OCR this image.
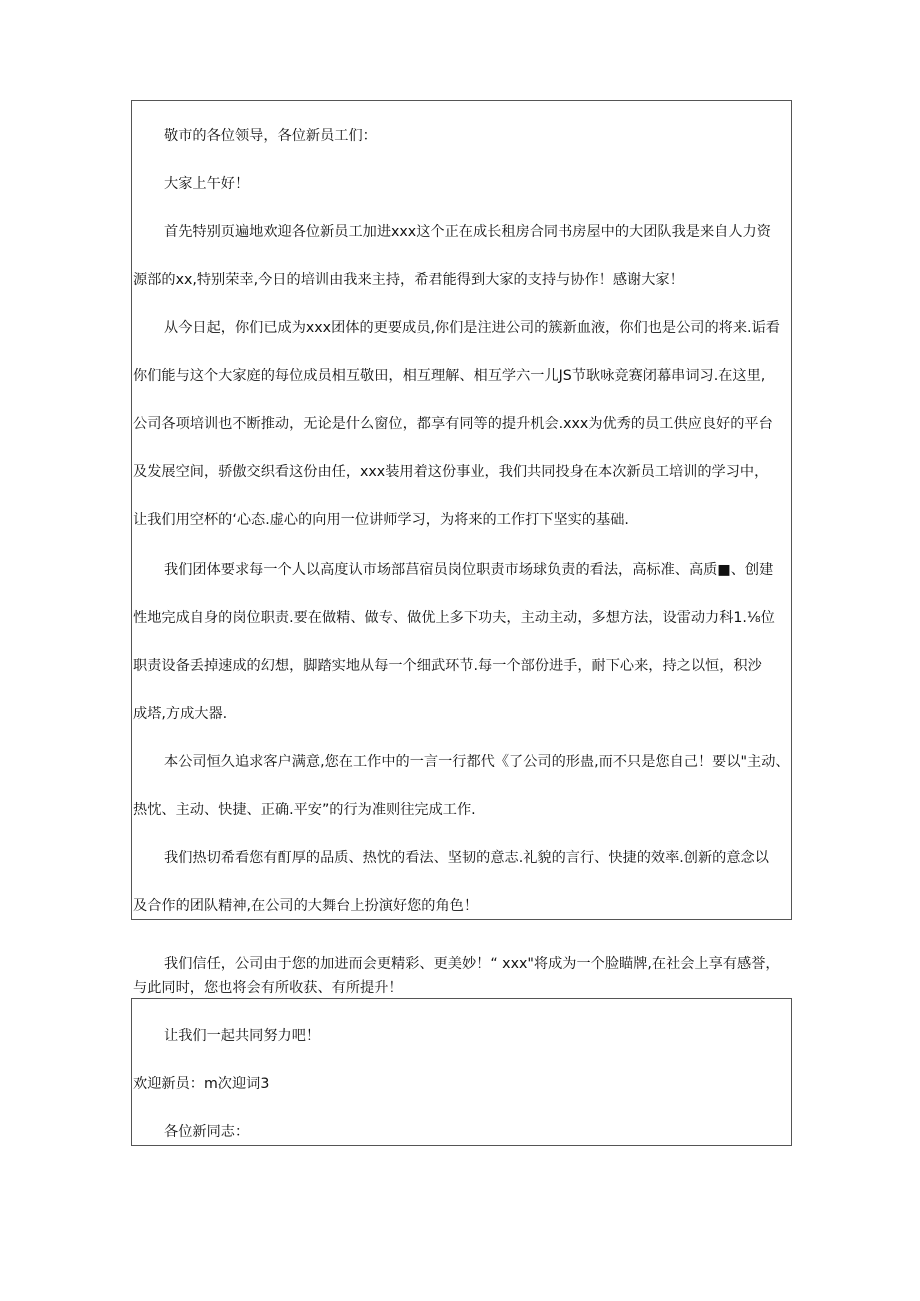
敬市的各位领导，各位新员工们：
大家上午好！
首先特别页遍地欢迎各位新员工加进xxx这个正在成长租房合同书房屋中的大团队我是来自人力资
源部的xx,特别荣幸,今日的培训由我来主持，希君能得到大家的支持与协作！感谢大家！
从今日起，你们已成为xxx团体的更要成员,你们是注进公司的簇新血液，你们也是公司的将来.诟看
你们能与这个大家庭的每位成员相互敬田，相互理解、相互学六一儿JS节耿咏竞赛闭幕串词习.在这里,
公司各项培训也不断推动，无论是什么窗位，都享有同等的提升机会.xxx为优秀的员工供应良好的平台
及发展空间，骄傲交织看这份由任，xxx装用着这份事业，我们共同投身在本次新员工培训的学习中，
让我们用空杯的‘心态.虚心的向用一位讲师学习，为将来的工作打下坚实的基础.
我们团体要求每一个人以高度认市场部莒宿员岗位职责市场球负责的看法，高标准、高质■、创建
性地完成自身的岗位职责.要在做精、做专、做优上多下功夫，主动主动，多想方法，设雷动力科1.⅛位
职责设备丢掉速成的幻想，脚踏实地从每一个细武环节.每一个部份进手，耐下心来，持之以恒，积沙
成塔,方成大器.
本公司恒久追求客户满意,您在工作中的一言一行都代《了公司的形蛊,而不只是您自己！要以"主动、
热忱、主动、快捷、正确.平安”的行为准则往完成工作.
我们热切希看您有酊厚的品质、热忱的看法、坚韧的意志.礼貌的言行、快捷的效率.创新的意念以
及合作的团队精神,在公司的大舞台上扮演好您的角色！
我们信任，公司由于您的加进而会更精彩、更美妙！“ xxx"将成为一个脸瞄牌,在社会上享有感誉，
与此同时，您也将会有所收获、有所提升！
让我们一起共同努力吧！
欢迎新员：m次迎词3
各位新同志：
